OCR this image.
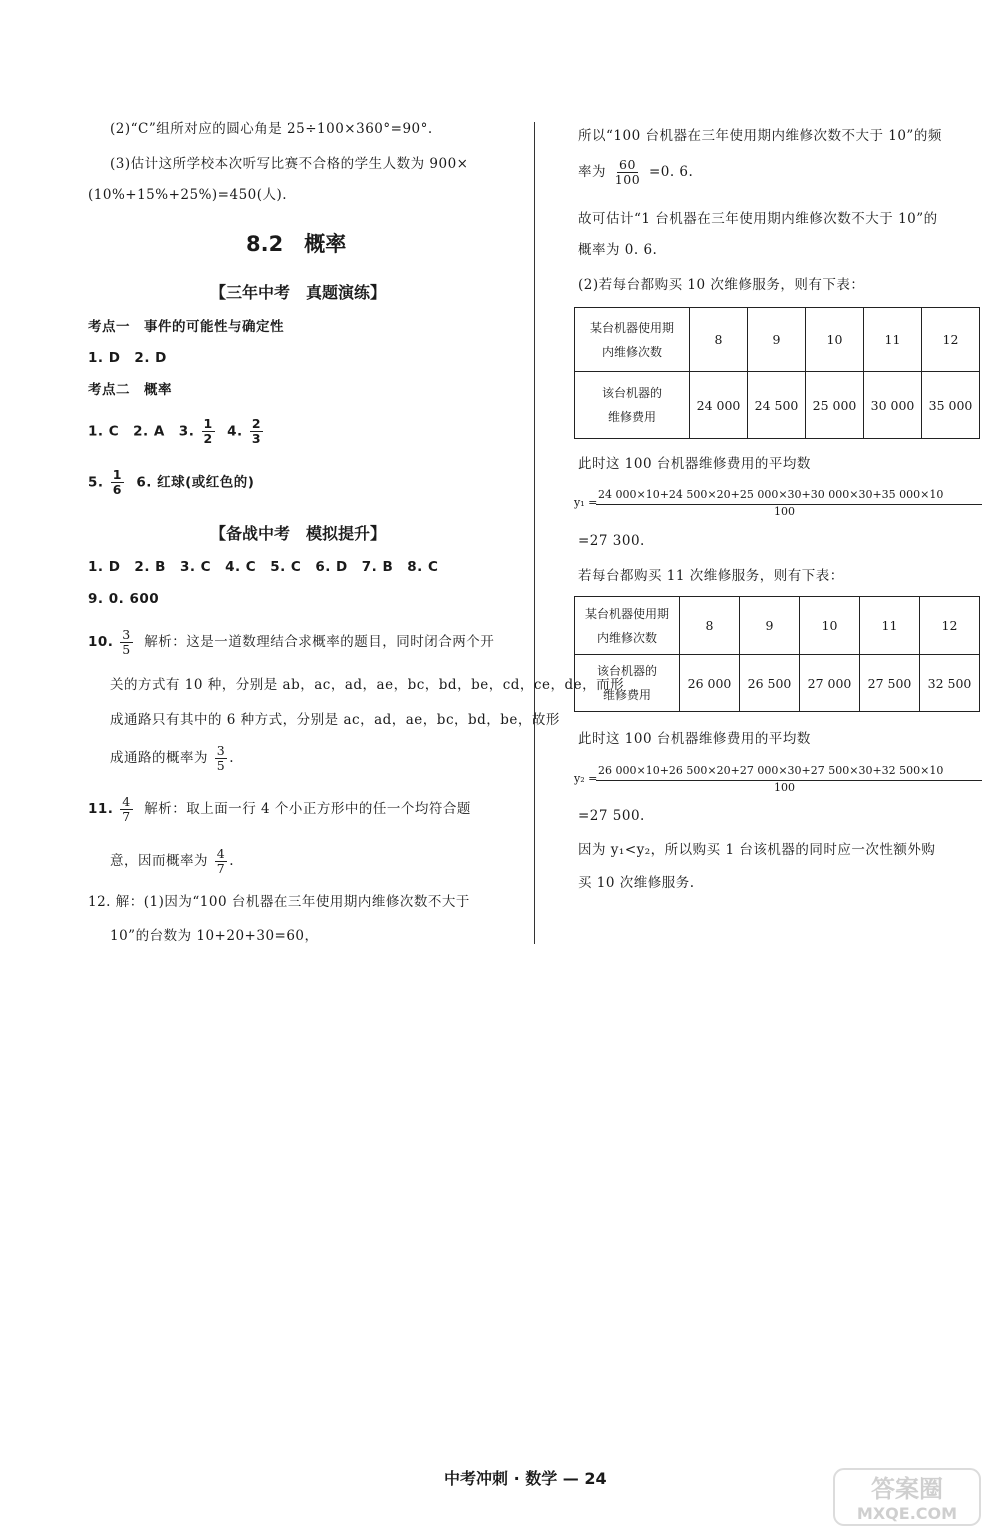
(2)“C”组所对应的圆心角是 25÷100×360°=90°.
(3)估计这所学校本次听写比赛不合格的学生人数为 900×
(10%+15%+25%)=450(人).
8.2　概率
【三年中考　真题演练】
考点一　事件的可能性与确定性
1. D　2. D
考点二　概率
1. C　2. A　3. $\frac{1}{2} 4$. $\frac{2}{3}$
5. $\frac{1}{6} 6$. 红球(或红色的)
【备战中考　模拟提升】
1. D　2. B　3. C　4. C　5. C　6. D　7. B　8. C
9. 0. 600
10. $\frac{3}{5}$ 解析：这是一道数理结合求概率的题目，同时闭合两个开
关的方式有 10 种，分别是 ab，ac，ad，ae，bc，bd，be，cd，ce，de，而形
成通路只有其中的 6 种方式，分别是 ac，ad，ae，bc，bd，be，故形
成通路的概率为 $\frac{3}{5}$ .
11. $\frac{4}{7}$ 解析：取上面一行 4 个小正方形中的任一个均符合题
意，因而概率为 $\frac{4}{7}$ .
12. 解：(1)因为“100 台机器在三年使用期内维修次数不大于
10”的台数为 10+20+30=60，
所以“100 台机器在三年使用期内维修次数不大于 10”的频
率为 $\frac{60}{100} =0$. 6.
故可估计“1 台机器在三年使用期内维修次数不大于 10”的
概率为 0. 6.
(2)若每台都购买 10 次维修服务，则有下表：
某台机器使用期
内维修次数	8	9	10	11	12
该台机器的
维修费用	24 000	24 500	25 000	30 000	35 000
此时这 100 台机器维修费用的平均数
y₁ =
24 000×10+24 500×20+25 000×30+30 000×30+35 000×10
100
=27 300.
若每台都购买 11 次维修服务，则有下表：
某台机器使用期
内维修次数	8	9	10	11	12
该台机器的
维修费用	26 000	26 500	27 000	27 500	32 500
此时这 100 台机器维修费用的平均数
y₂ =
26 000×10+26 500×20+27 000×30+27 500×30+32 500×10
100
=27 500.
因为 y₁<y₂，所以购买 1 台该机器的同时应一次性额外购
买 10 次维修服务.
中考冲刺 · 数学 — 24	答案圈
MXQE.COM
